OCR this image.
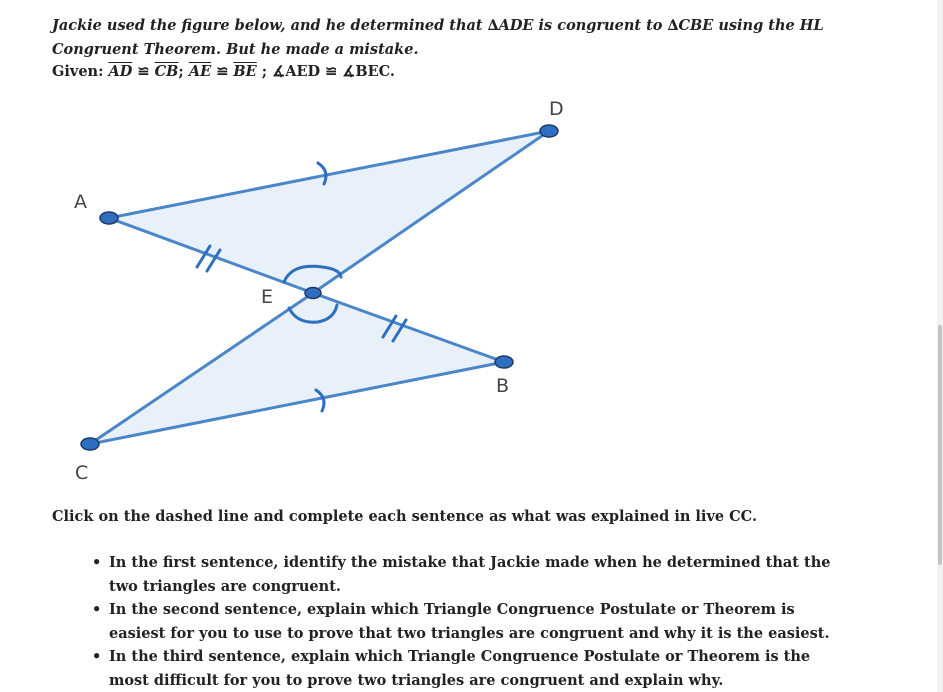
Jackie used the figure below, and he determined that ∆ADE is congruent to ∆CBE using the HL
Congruent Theorem. But he made a mistake.
Given: $\overline{AD}$ ≌ $\overline{CB}$; $\overline{AE}$ ≌ $\overline{BE}$ ; ∡AED ≌ ∡BEC.
A
D
E
B
C
Click on the dashed line and complete each sentence as what was explained in live CC.
• In the first sentence, identify the mistake that Jackie made when he determined that the two triangles are congruent.
• In the second sentence, explain which Triangle Congruence Postulate or Theorem is easiest for you to use to prove that two triangles are congruent and why it is the easiest.
• In the third sentence, explain which Triangle Congruence Postulate or Theorem is the most difficult for you to prove two triangles are congruent and explain why.
